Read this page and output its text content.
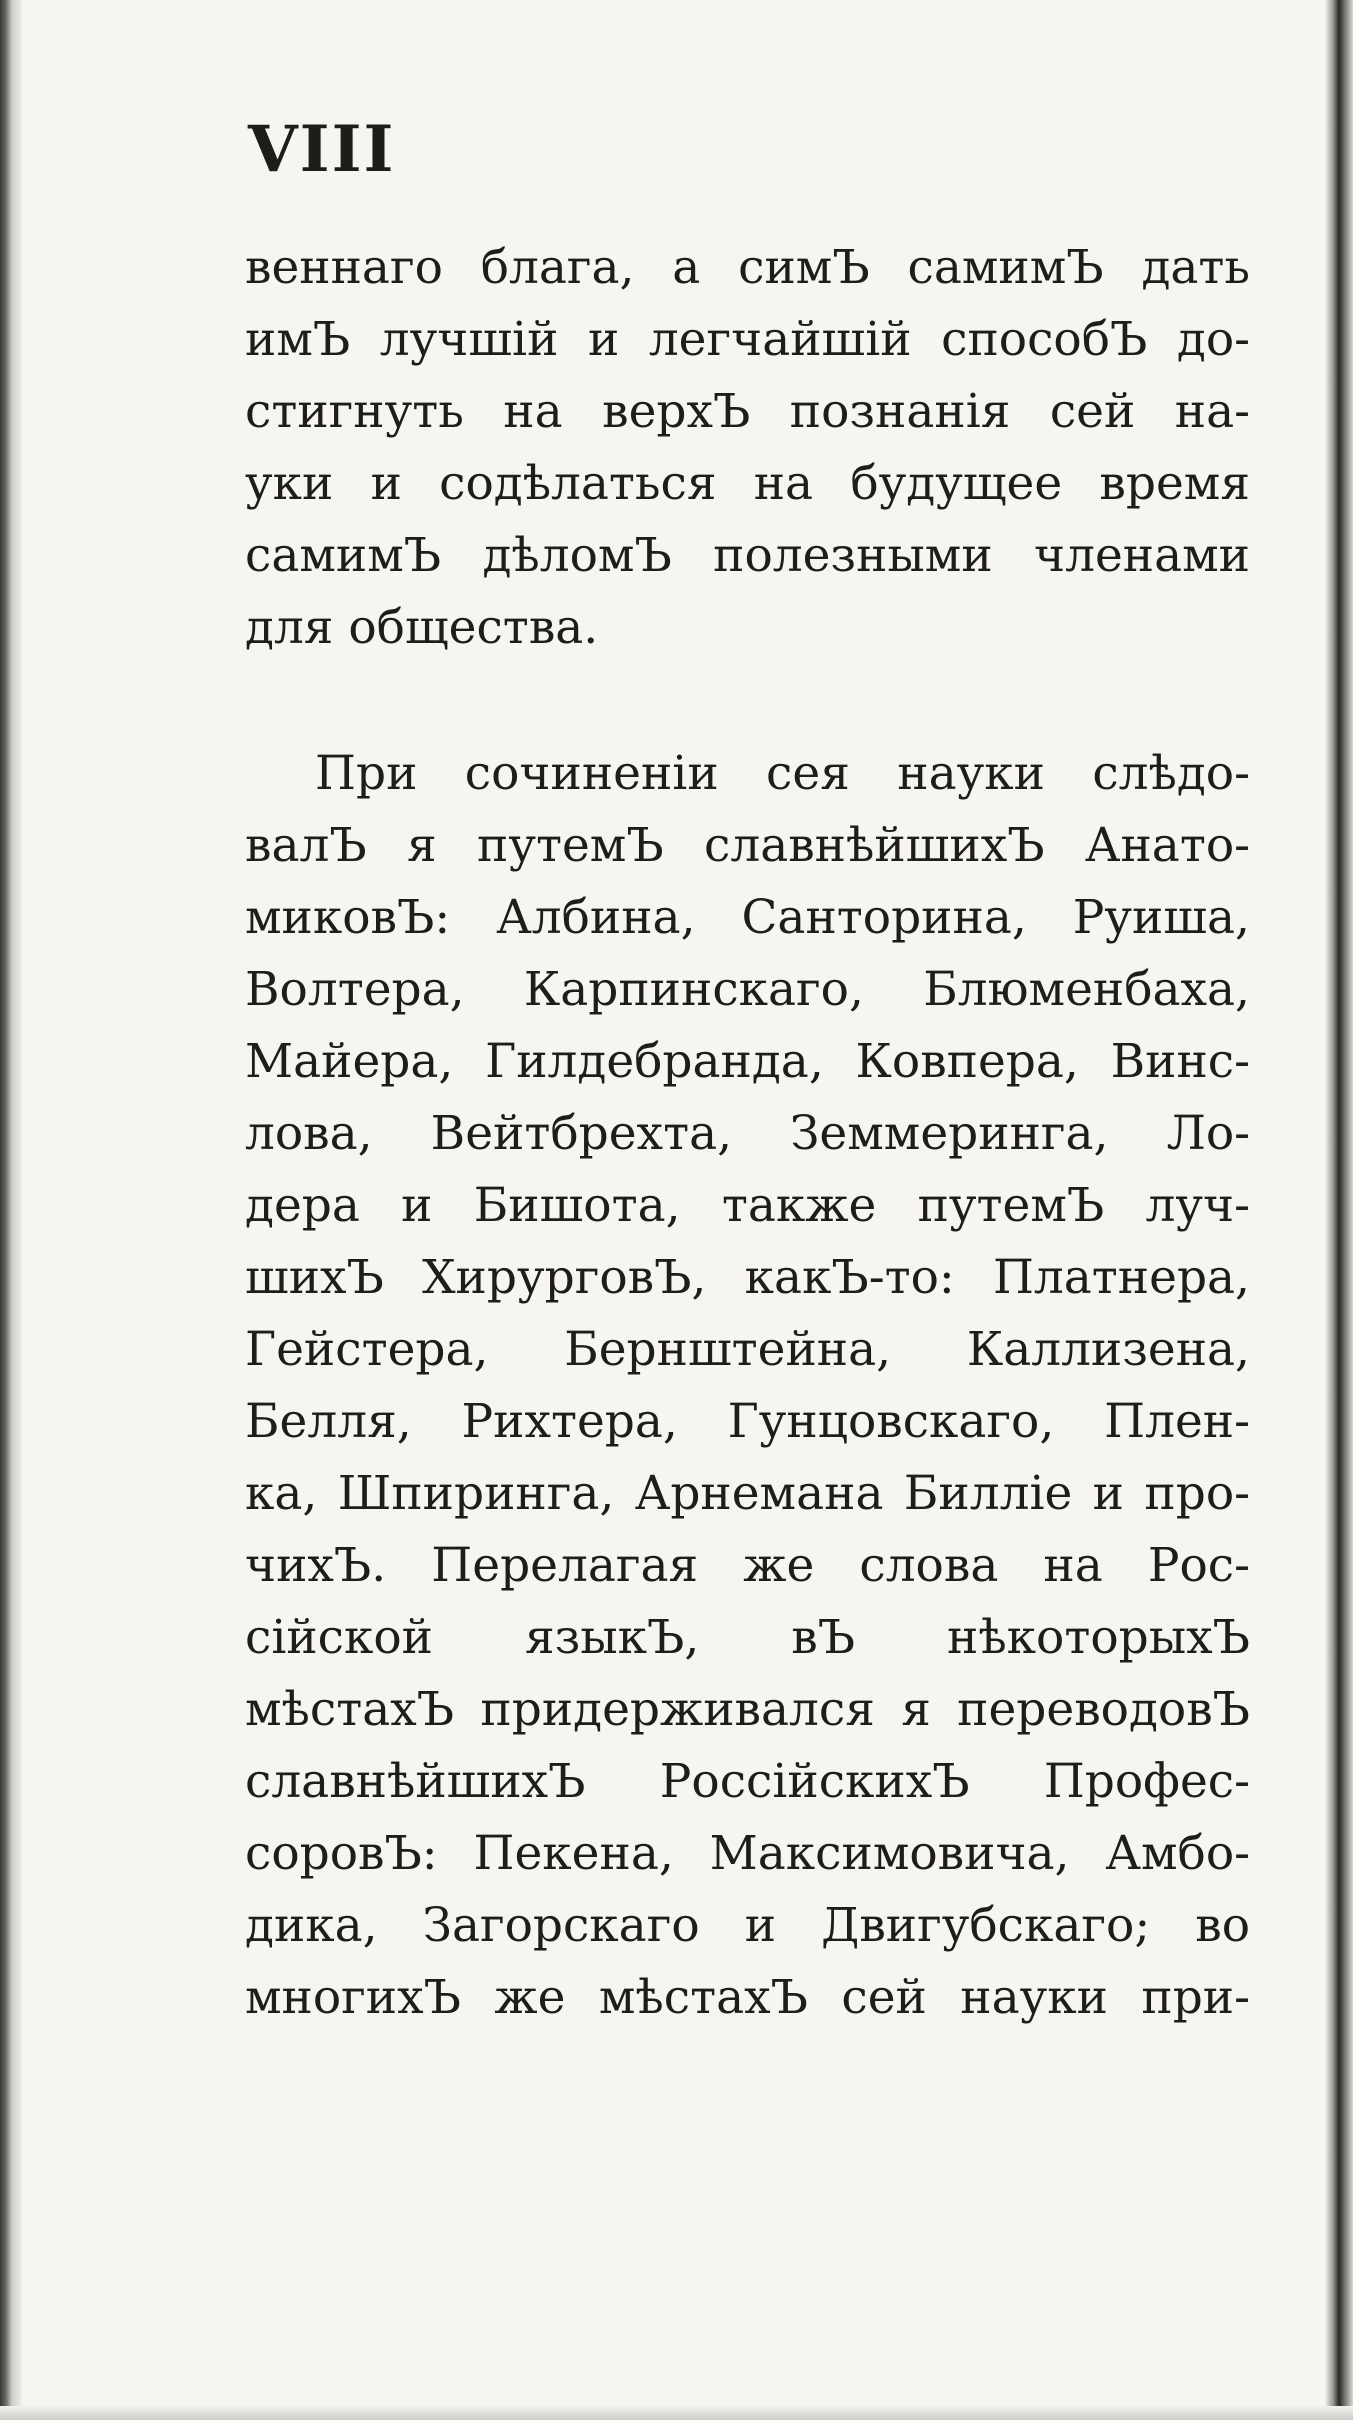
VIII

веннаго блага, а симЪ самимЪ дать
имЪ лучшій и легчайшій способЪ до-
стигнуть на верхЪ познанія сей на-
уки и содѣлаться на будущее время
самимЪ дѣломЪ полезными членами
для общества.

При сочиненіи сея науки слѣдо-
валЪ я путемЪ славнѣйшихЪ Анато-
миковЪ: Албина, Санторина, Руиша,
Волтера, Карпинскаго, Блюменбаха,
Майера, Гилдебранда, Ковпера, Винс-
лова, Вейтбрехта, Земмеринга, Ло-
дера и Бишота, также путемЪ луч-
шихЪ ХирурговЪ, какЪ-то: Платнера,
Гейстера, Бернштейна, Каллизена,
Белля, Рихтера, Гунцовскаго, Плен-
ка, Шпиринга, Арнемана Билліе и про-
чихЪ. Перелагая же слова на Рос-
сійской языкЪ, вЪ нѣкоторыхЪ
мѣстахЪ придерживался я переводовЪ
славнѣйшихЪ РоссійскихЪ Профес-
соровЪ: Пекена, Максимовича, Амбо-
дика, Загорскаго и Двигубскаго; во
многихЪ же мѣстахЪ сей науки при-
